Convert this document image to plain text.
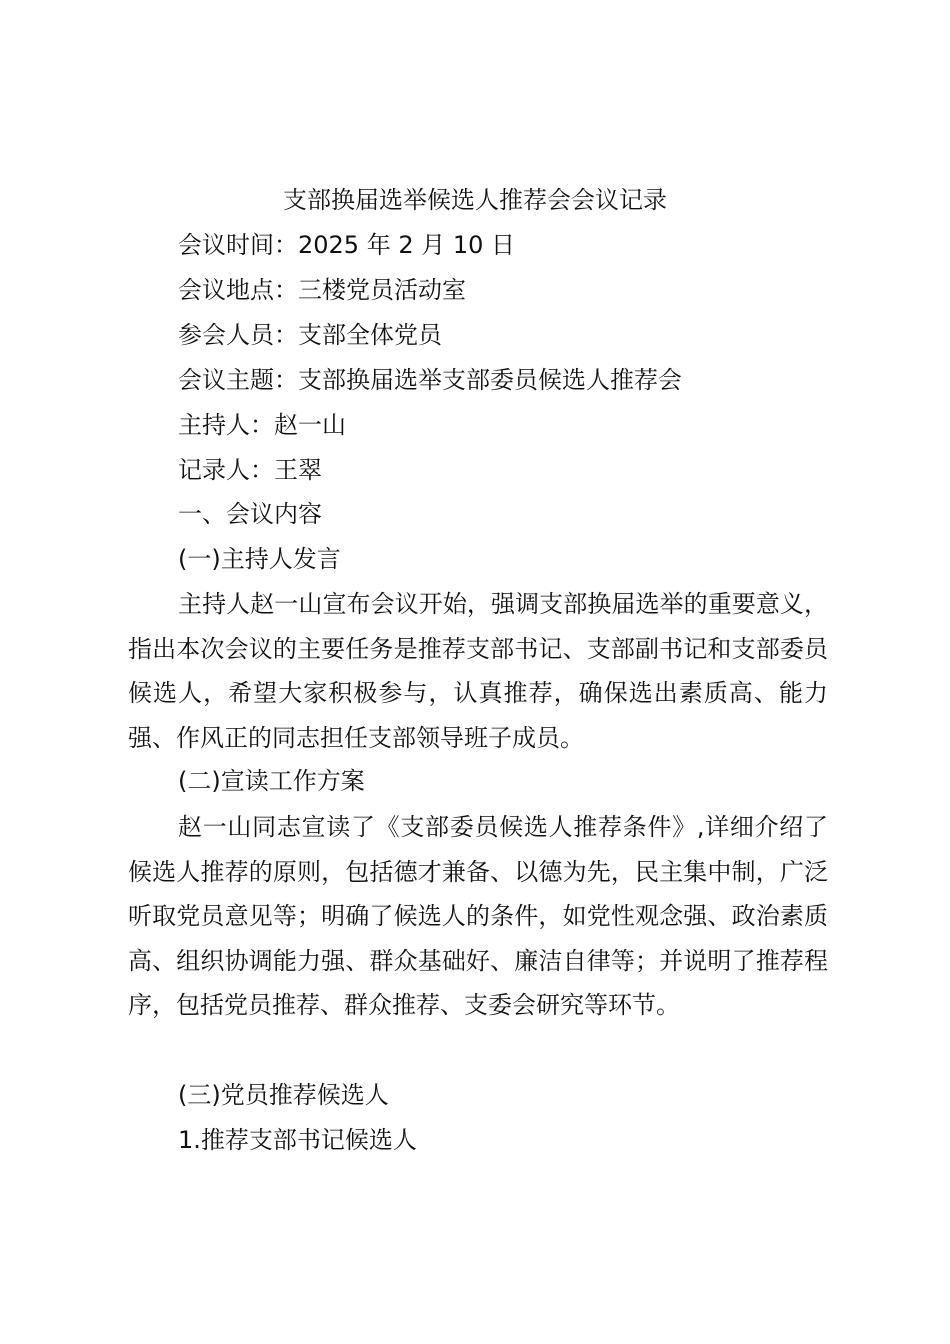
支部换届选举候选人推荐会会议记录

会议时间：2025 年 2 月 10 日

会议地点：三楼党员活动室

参会人员：支部全体党员

会议主题：支部换届选举支部委员候选人推荐会

主持人：赵一山

记录人：王翠

一、会议内容

(一)主持人发言

主持人赵一山宣布会议开始，强调支部换届选举的重要意义，指出本次会议的主要任务是推荐支部书记、支部副书记和支部委员候选人，希望大家积极参与，认真推荐，确保选出素质高、能力强、作风正的同志担任支部领导班子成员。

(二)宣读工作方案

赵一山同志宣读了《支部委员候选人推荐条件》,详细介绍了候选人推荐的原则，包括德才兼备、以德为先，民主集中制，广泛听取党员意见等；明确了候选人的条件，如党性观念强、政治素质高、组织协调能力强、群众基础好、廉洁自律等；并说明了推荐程序，包括党员推荐、群众推荐、支委会研究等环节。

(三)党员推荐候选人

1.推荐支部书记候选人
